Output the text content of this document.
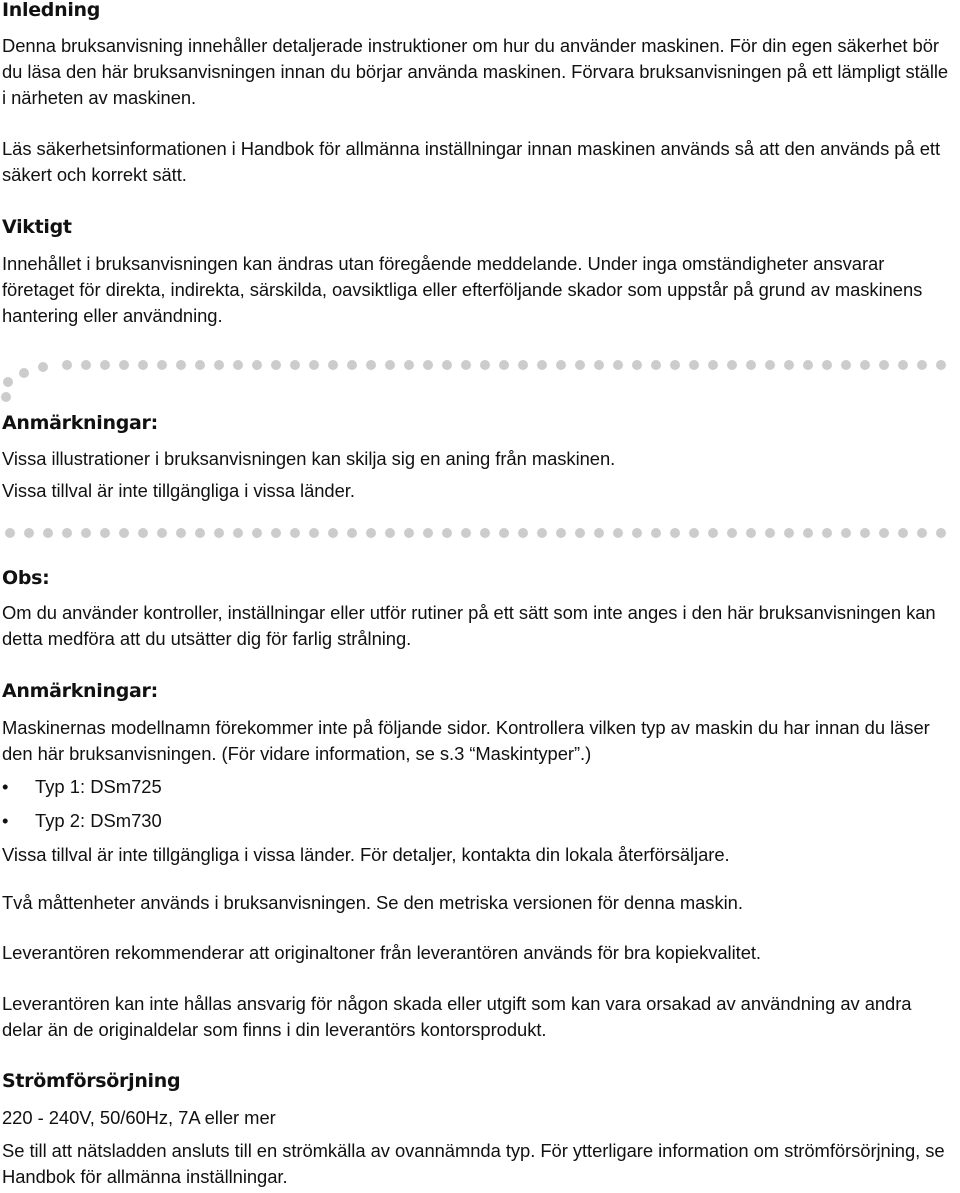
Inledning

Denna bruksanvisning innehåller detaljerade instruktioner om hur du använder maskinen. För din egen säkerhet bör du läsa den här bruksanvisningen innan du börjar använda maskinen. Förvara bruksanvisningen på ett lämpligt ställe i närheten av maskinen.

Läs säkerhetsinformationen i Handbok för allmänna inställningar innan maskinen används så att den används på ett säkert och korrekt sätt.

Viktigt

Innehållet i bruksanvisningen kan ändras utan föregående meddelande. Under inga omständigheter ansvarar företaget för direkta, indirekta, särskilda, oavsiktliga eller efterföljande skador som uppstår på grund av maskinens hantering eller användning.

Anmärkningar:

Vissa illustrationer i bruksanvisningen kan skilja sig en aning från maskinen.

Vissa tillval är inte tillgängliga i vissa länder.

Obs:

Om du använder kontroller, inställningar eller utför rutiner på ett sätt som inte anges i den här bruksanvisningen kan detta medföra att du utsätter dig för farlig strålning.

Anmärkningar:

Maskinernas modellnamn förekommer inte på följande sidor. Kontrollera vilken typ av maskin du har innan du läser den här bruksanvisningen. (För vidare information, se s.3 “Maskintyper”.)

•	Typ 1: DSm725
•	Typ 2: DSm730

Vissa tillval är inte tillgängliga i vissa länder. För detaljer, kontakta din lokala återförsäljare.

Två måttenheter används i bruksanvisningen. Se den metriska versionen för denna maskin.

Leverantören rekommenderar att originaltoner från leverantören används för bra kopiekvalitet.

Leverantören kan inte hållas ansvarig för någon skada eller utgift som kan vara orsakad av användning av andra delar än de originaldelar som finns i din leverantörs kontorsprodukt.

Strömförsörjning

220 - 240V, 50/60Hz, 7A eller mer

Se till att nätsladden ansluts till en strömkälla av ovannämnda typ. För ytterligare information om strömförsörjning, se Handbok för allmänna inställningar.
